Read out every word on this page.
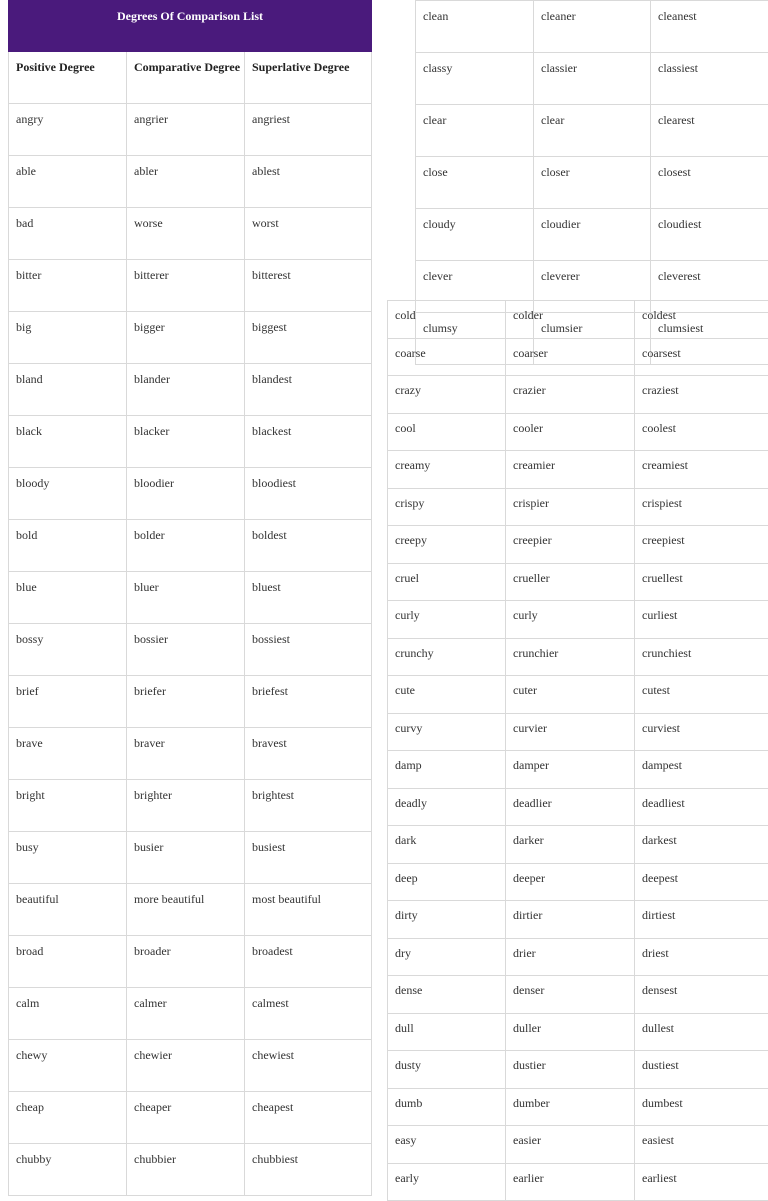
Degrees Of Comparison List		
Positive Degree	Comparative Degree	Superlative Degree
angry	angrier	angriest
able	abler	ablest
bad	worse	worst
bitter	bitterer	bitterest
big	bigger	biggest
bland	blander	blandest
black	blacker	blackest
bloody	bloodier	bloodiest
bold	bolder	boldest
blue	bluer	bluest
bossy	bossier	bossiest
brief	briefer	briefest
brave	braver	bravest
bright	brighter	brightest
busy	busier	busiest
beautiful	more beautiful	most beautiful
broad	broader	broadest
calm	calmer	calmest
chewy	chewier	chewiest
cheap	cheaper	cheapest
chubby	chubbier	chubbiest
clean	cleaner	cleanest
classy	classier	classiest
clear	clear	clearest
close	closer	closest
cloudy	cloudier	cloudiest
clever	cleverer	cleverest
clumsy	clumsier	clumsiest
cold	colder	coldest
coarse	coarser	coarsest
crazy	crazier	craziest
cool	cooler	coolest
creamy	creamier	creamiest
crispy	crispier	crispiest
creepy	creepier	creepiest
cruel	crueller	cruellest
curly	curly	curliest
crunchy	crunchier	crunchiest
cute	cuter	cutest
curvy	curvier	curviest
damp	damper	dampest
deadly	deadlier	deadliest
dark	darker	darkest
deep	deeper	deepest
dirty	dirtier	dirtiest
dry	drier	driest
dense	denser	densest
dull	duller	dullest
dusty	dustier	dustiest
dumb	dumber	dumbest
easy	easier	easiest
early	earlier	earliest
